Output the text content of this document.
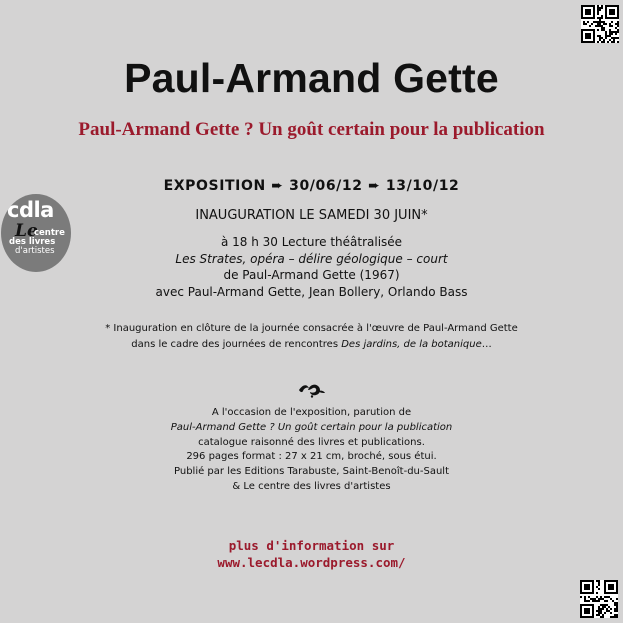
cdla
Le
centre
des livres
d'artistes
Paul-Armand Gette
Paul-Armand Gette ? Un goût certain pour la publication
EXPOSITION ➨ 30/06/12 ➨ 13/10/12
INAUGURATION LE SAMEDI 30 JUIN*
à 18 h 30 Lecture théâtralisée
Les Strates, opéra – délire géologique – court
de Paul-Armand Gette (1967)
avec Paul-Armand Gette, Jean Bollery, Orlando Bass
* Inauguration en clôture de la journée consacrée à l'œuvre de Paul-Armand Gette
dans le cadre des journées de rencontres Des jardins, de la botanique…
A l'occasion de l'exposition, parution de
Paul-Armand Gette ? Un goût certain pour la publication
catalogue raisonné des livres et publications.
296 pages format : 27 x 21 cm, broché, sous étui.
Publié par les Editions Tarabuste, Saint-Benoît-du-Sault
& Le centre des livres d'artistes
plus d'information sur
www.lecdla.wordpress.com/
